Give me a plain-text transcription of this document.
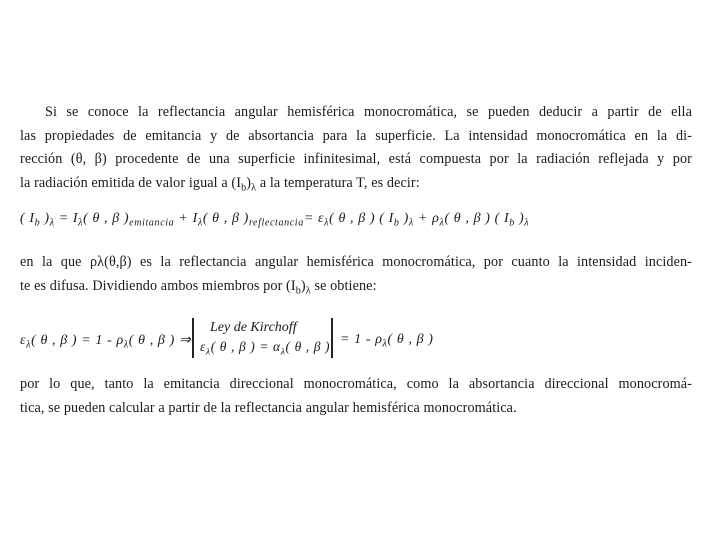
Si se conoce la reflectancia angular hemisférica monocromática, se pueden deducir a partir de ella
las propiedades de emitancia y de absortancia para la superficie. La intensidad monocromática en la di-
rección (θ, β) procedente de una superficie infinitesimal, está compuesta por la radiación reflejada y por
la radiación emitida de valor igual a $(I_b)_\lambda$ a la temperatura T, es decir:
( $I_b$ )$_\lambda = I_\lambda$( θ , β )$_{emitancia} + I_\lambda$( θ , β )$_{reflectancia}= \varepsilon_\lambda$( θ , β ) ( $I_b$ )$_\lambda + \rho_\lambda$( θ , β ) ( $I_b$ )$_\lambda$
en la que ρλ(θ,β) es la reflectancia angular hemisférica monocromática, por cuanto la intensidad inciden-
te es difusa. Dividiendo ambos miembros por $(I_b)_\lambda$ se obtiene:
$\varepsilon_\lambda$( θ , β ) = $1 - \rho_\lambda$( θ , β ) ⇒
Ley de Kirchoff
$\varepsilon_\lambda$( θ , β ) = $\alpha_\lambda$( θ , β ) = $1 - \rho_\lambda$( θ , β )
por lo que, tanto la emitancia direccional monocromática, como la absortancia direccional monocromá-
tica, se pueden calcular a partir de la reflectancia angular hemisférica monocromática.
